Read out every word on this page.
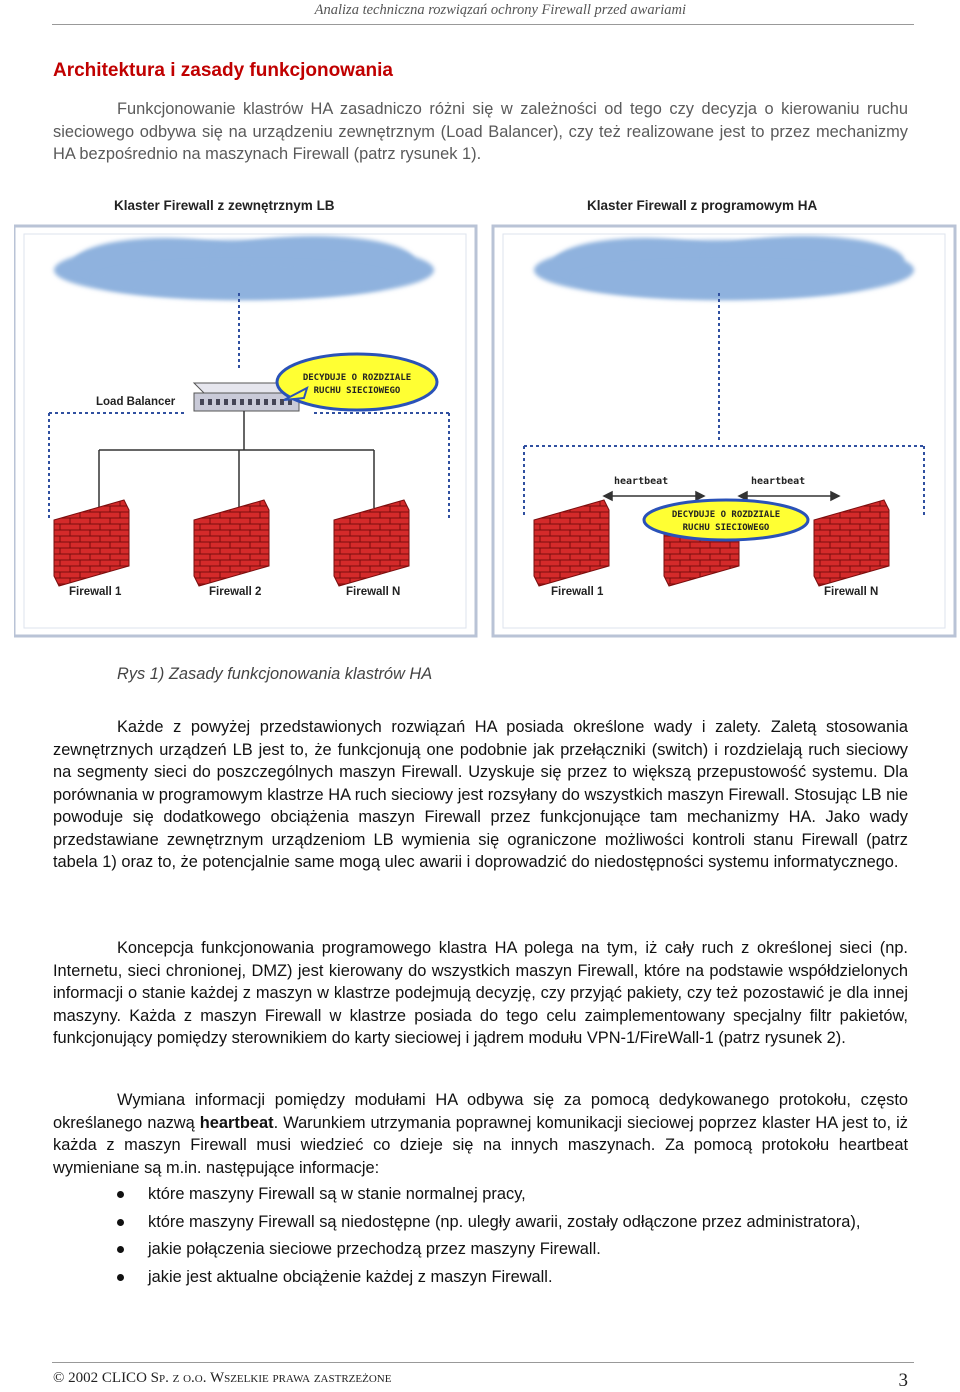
Analiza techniczna rozwiązań ochrony Firewall przed awariami
Architektura i zasady funkcjonowania

Funkcjonowanie klastrów HA zasadniczo różni się w zależności od tego czy decyzja o kierowaniu ruchu sieciowego odbywa się na urządzeniu zewnętrznym (Load Balancer), czy też realizowane jest to przez mechanizmy HA bezpośrednio na maszynach Firewall (patrz rysunek 1).

Klaster Firewall z zewnętrznym LB
Load Balancer
DECYDUJE O ROZDZIALE
RUCHU SIECIOWEGO
Firewall 1	Firewall 2	Firewall N
Klaster Firewall z programowym HA
heartbeat	heartbeat
Firewall 1	Firewall N
DECYDUJE O ROZDZIALE
RUCHU SIECIOWEGO

Rys 1) Zasady funkcjonowania klastrów HA

Każde z powyżej przedstawionych rozwiązań HA posiada określone wady i zalety. Zaletą stosowania zewnętrznych urządzeń LB jest to, że funkcjonują one podobnie jak przełączniki (switch) i rozdzielają ruch sieciowy na segmenty sieci do poszczególnych maszyn Firewall. Uzyskuje się przez to większą przepustowość systemu. Dla porównania w programowym klastrze HA ruch sieciowy jest rozsyłany do wszystkich maszyn Firewall. Stosując LB nie powoduje się dodatkowego obciążenia maszyn Firewall przez funkcjonujące tam mechanizmy HA. Jako wady przedstawiane zewnętrznym urządzeniom LB wymienia się ograniczone możliwości kontroli stanu Firewall (patrz tabela 1) oraz to, że potencjalnie same mogą ulec awarii i doprowadzić do niedostępności systemu informatycznego.

Koncepcja funkcjonowania programowego klastra HA polega na tym, iż cały ruch z określonej sieci (np. Internetu, sieci chronionej, DMZ) jest kierowany do wszystkich maszyn Firewall, które na podstawie współdzielonych informacji o stanie każdej z maszyn w klastrze podejmują decyzję, czy przyjąć pakiety, czy też pozostawić je dla innej maszyny. Każda z maszyn Firewall w klastrze posiada do tego celu zaimplementowany specjalny filtr pakietów, funkcjonujący pomiędzy sterownikiem do karty sieciowej i jądrem modułu VPN-1/FireWall-1 (patrz rysunek 2).

Wymiana informacji pomiędzy modułami HA odbywa się za pomocą dedykowanego protokołu, często określanego nazwą heartbeat. Warunkiem utrzymania poprawnej komunikacji sieciowej poprzez klaster HA jest to, iż każda z maszyn Firewall musi wiedzieć co dzieje się na innych maszynach. Za pomocą protokołu heartbeat wymieniane są m.in. następujące informacje:

które maszyny Firewall są w stanie normalnej pracy,
które maszyny Firewall są niedostępne (np. uległy awarii, zostały odłączone przez administratora),
jakie połączenia sieciowe przechodzą przez maszyny Firewall.
jakie jest aktualne obciążenie każdej z maszyn Firewall.

© 2002 CLICO Sp. z o.o. Wszelkie prawa zastrzeżone	3
